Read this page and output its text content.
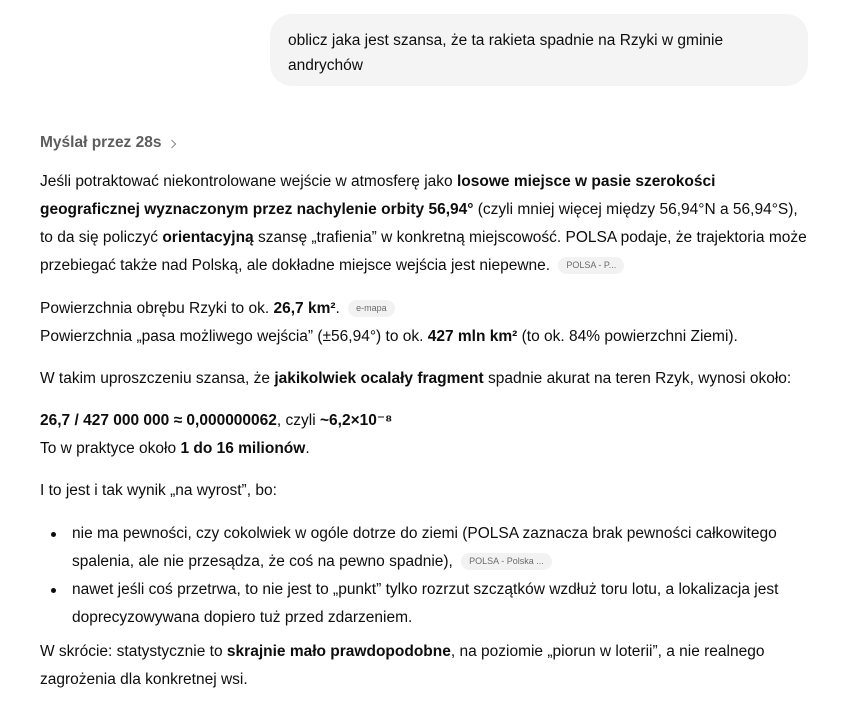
oblicz jaka jest szansa, że ta rakieta spadnie na Rzyki w gminie andrychów
Myślał przez 28s

Jeśli potraktować niekontrolowane wejście w atmosferę jako losowe miejsce w pasie szerokości geograficznej wyznaczonym przez nachylenie orbity 56,94° (czyli mniej więcej między 56,94°N a 56,94°S), to da się policzyć orientacyjną szansę „trafienia” w konkretną miejscowość. POLSA podaje, że trajektoria może przebiegać także nad Polską, ale dokładne miejsce wejścia jest niepewne. POLSA - P...

Powierzchnia obrębu Rzyki to ok. 26,7 km². e-mapa
Powierzchnia „pasa możliwego wejścia” (±56,94°) to ok. 427 mln km² (to ok. 84% powierzchni Ziemi).

W takim uproszczeniu szansa, że jakikolwiek ocalały fragment spadnie akurat na teren Rzyk, wynosi około:

26,7 / 427 000 000 ≈ 0,000000062, czyli ~6,2×10⁻⁸
To w praktyce około 1 do 16 milionów.

I to jest i tak wynik „na wyrost”, bo:

nie ma pewności, czy cokolwiek w ogóle dotrze do ziemi (POLSA zaznacza brak pewności całkowitego spalenia, ale nie przesądza, że coś na pewno spadnie), POLSA - Polska ...
nawet jeśli coś przetrwa, to nie jest to „punkt” tylko rozrzut szczątków wzdłuż toru lotu, a lokalizacja jest doprecyzowywana dopiero tuż przed zdarzeniem.

W skrócie: statystycznie to skrajnie mało prawdopodobne, na poziomie „piorun w loterii”, a nie realnego zagrożenia dla konkretnej wsi.
